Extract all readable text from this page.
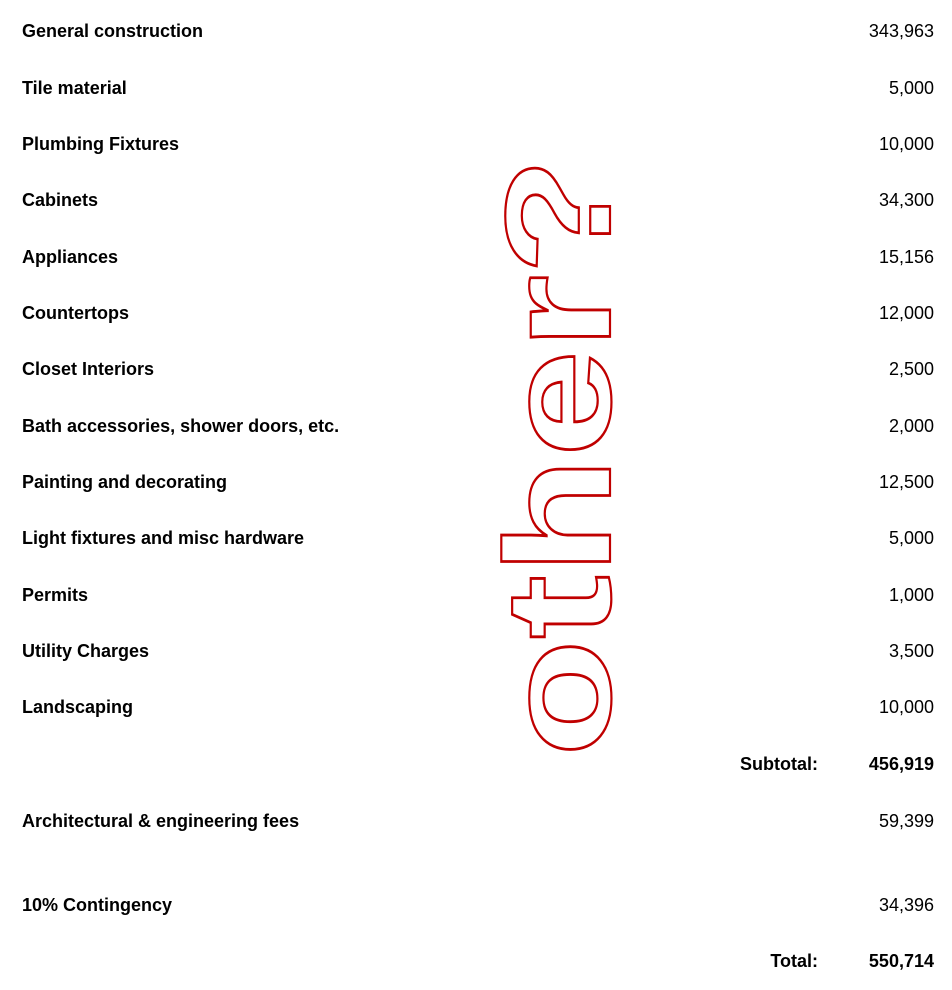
General construction	343,963
Tile material	5,000
Plumbing Fixtures	10,000
Cabinets	34,300
Appliances	15,156
Countertops	12,000
Closet Interiors	2,500
Bath accessories, shower doors, etc.	2,000
Painting and decorating	12,500
Light fixtures and misc hardware	5,000
Permits	1,000
Utility Charges	3,500
Landscaping	10,000
Subtotal:	456,919
Architectural & engineering fees	59,399
10% Contingency	34,396
Total:	550,714
other?
